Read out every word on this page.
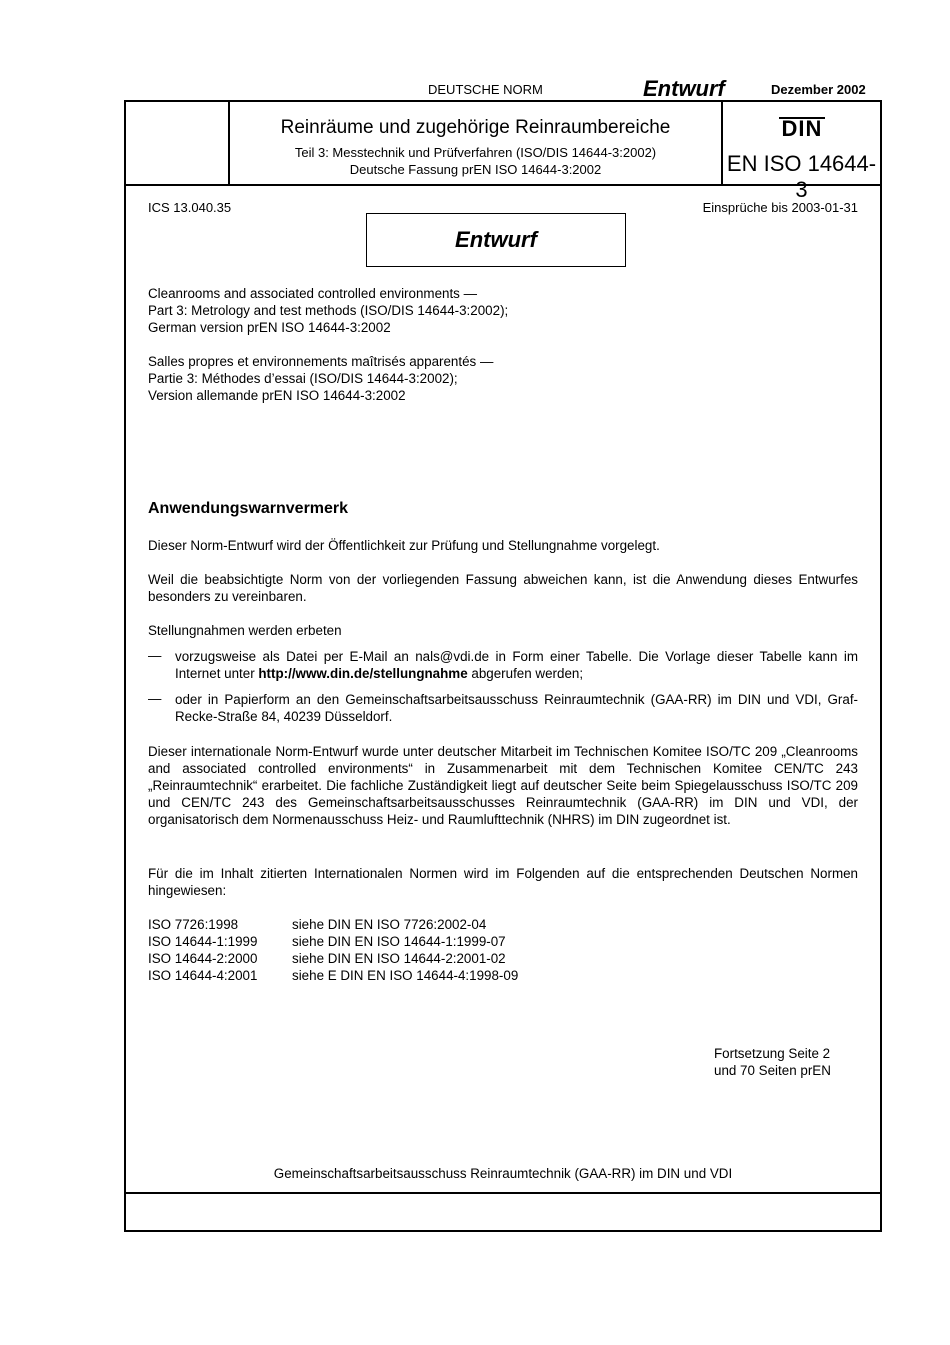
DEUTSCHE NORM	Entwurf	Dezember 2002
Reinräume und zugehörige Reinraumbereiche
Teil 3: Messtechnik und Prüfverfahren (ISO/DIS 14644-3:2002)
Deutsche Fassung prEN ISO 14644-3:2002
DIN
EN ISO 14644-3
ICS 13.040.35	Einsprüche bis 2003-01-31
Entwurf
Cleanrooms and associated controlled environments —
Part 3: Metrology and test methods (ISO/DIS 14644-3:2002);
German version prEN ISO 14644-3:2002
Salles propres et environnements maîtrisés apparentés —
Partie 3: Méthodes d’essai (ISO/DIS 14644-3:2002);
Version allemande prEN ISO 14644-3:2002
Anwendungswarnvermerk
Dieser Norm-Entwurf wird der Öffentlichkeit zur Prüfung und Stellungnahme vorgelegt.
Weil die beabsichtigte Norm von der vorliegenden Fassung abweichen kann, ist die Anwendung dieses Entwurfes besonders zu vereinbaren.
Stellungnahmen werden erbeten
— vorzugsweise als Datei per E-Mail an nals@vdi.de in Form einer Tabelle. Die Vorlage dieser Tabelle kann im Internet unter http://www.din.de/stellungnahme abgerufen werden;
— oder in Papierform an den Gemeinschaftsarbeitsausschuss Reinraumtechnik (GAA-RR) im DIN und VDI, Graf-Recke-Straße 84, 40239 Düsseldorf.
Dieser internationale Norm-Entwurf wurde unter deutscher Mitarbeit im Technischen Komitee ISO/TC 209 „Cleanrooms and associated controlled environments“ in Zusammenarbeit mit dem Technischen Komitee CEN/TC 243 „Reinraumtechnik“ erarbeitet. Die fachliche Zuständigkeit liegt auf deutscher Seite beim Spiegelausschuss ISO/TC 209 und CEN/TC 243 des Gemeinschaftsarbeitsausschusses Reinraumtechnik (GAA-RR) im DIN und VDI, der organisatorisch dem Normenausschuss Heiz- und Raumlufttechnik (NHRS) im DIN zugeordnet ist.
Für die im Inhalt zitierten Internationalen Normen wird im Folgenden auf die entsprechenden Deutschen Normen hingewiesen:
ISO 7726:1998	siehe DIN EN ISO 7726:2002-04
ISO 14644-1:1999	siehe DIN EN ISO 14644-1:1999-07
ISO 14644-2:2000	siehe DIN EN ISO 14644-2:2001-02
ISO 14644-4:2001	siehe E DIN EN ISO 14644-4:1998-09
Fortsetzung Seite 2
und 70 Seiten prEN
Gemeinschaftsarbeitsausschuss Reinraumtechnik (GAA-RR) im DIN und VDI
